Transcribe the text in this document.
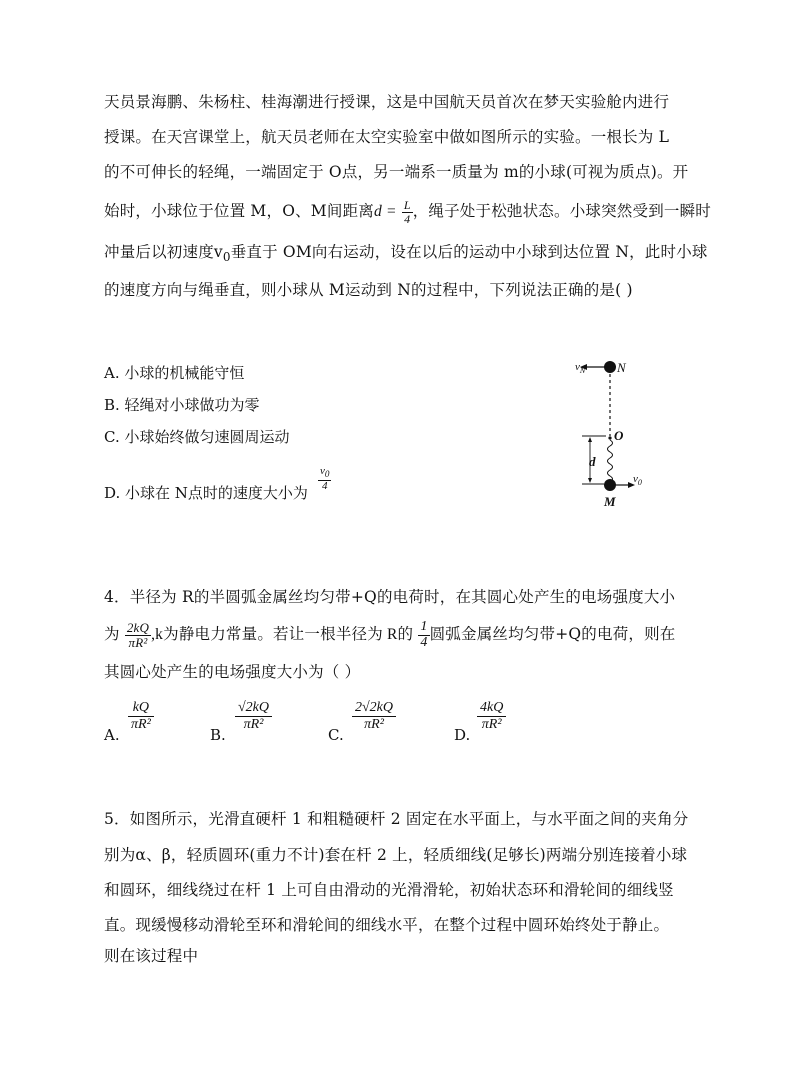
天员景海鹏、朱杨柱、桂海潮进行授课，这是中国航天员首次在梦天实验舱内进行
授课。在天宫课堂上，航天员老师在太空实验室中做如图所示的实验。一根长为 L
的不可伸长的轻绳，一端固定于 O点，另一端系一质量为 m的小球(可视为质点)。开
始时，小球位于位置 M，O、M间距离$d = \frac{L}{4}$ ，绳子处于松弛状态。小球突然受到一瞬时
冲量后以初速度$v_0$垂直于 OM向右运动，设在以后的运动中小球到达位置 N，此时小球
的速度方向与绳垂直，则小球从 M运动到 N的过程中，下列说法正确的是( )
A. 小球的机械能守恒
B. 轻绳对小球做功为零
C. 小球始终做匀速圆周运动
D. 小球在 N点时的速度大小为
$\frac{v_0}{4}$
$v_N$ N
O
d
$v_0$
M
4．半径为 R的半圆弧金属丝均匀带+Q的电荷时，在其圆心处产生的电场强度大小
为 $\frac{2kQ}{\text{πR²}} ,k$为静电力常量。若让一根半径为 R的 $\frac{1}{4}$ 圆弧金属丝均匀带+Q的电荷，则在
其圆心处产生的电场强度大小为（ ）
A.
$\frac{kQ}{\text{πR²}}$
B.
$\frac{√2kQ}{\text{πR²}}$
C.
$\frac{2√2kQ}{\text{πR²}}$
D.
$\frac{4kQ}{\text{πR²}}$
5．如图所示，光滑直硬杆 1 和粗糙硬杆 2 固定在水平面上，与水平面之间的夹角分
别为α、β，轻质圆环(重力不计)套在杆 2 上，轻质细线(足够长)两端分别连接着小球
和圆环，细线绕过在杆 1 上可自由滑动的光滑滑轮，初始状态环和滑轮间的细线竖
直。现缓慢移动滑轮至环和滑轮间的细线水平，在整个过程中圆环始终处于静止。
则在该过程中
